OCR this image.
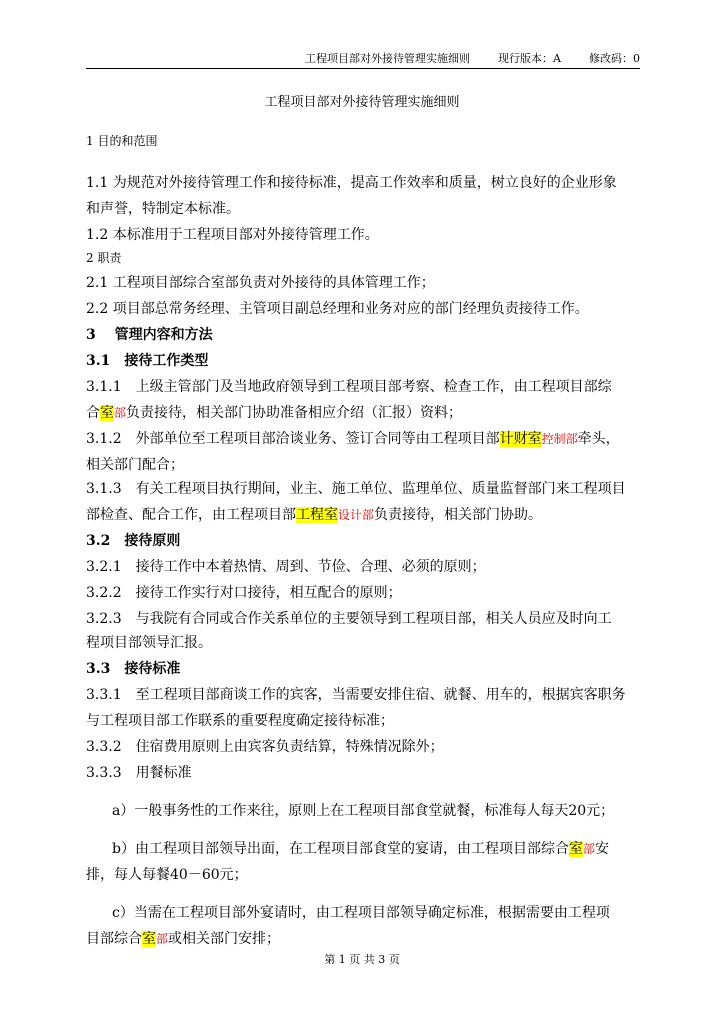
工程项目部对外接待管理实施细则	现行版本：A	修改码：0
工程项目部对外接待管理实施细则
1 目的和范围
1.1 为规范对外接待管理工作和接待标准，提高工作效率和质量，树立良好的企业形象
和声誉，特制定本标准。
1.2 本标准用于工程项目部对外接待管理工作。
2 职责
2.1 工程项目部综合室部负责对外接待的具体管理工作；
2.2 项目部总常务经理、主管项目副总经理和业务对应的部门经理负责接待工作。
3　 管理内容和方法
3.1　接待工作类型
3.1.1　上级主管部门及当地政府领导到工程项目部考察、检查工作，由工程项目部综
合室部负责接待，相关部门协助准备相应介绍（汇报）资料；
3.1.2　外部单位至工程项目部洽谈业务、签订合同等由工程项目部计财室控制部牵头，
相关部门配合；
3.1.3　有关工程项目执行期间，业主、施工单位、监理单位、质量监督部门来工程项目
部检查、配合工作，由工程项目部工程室设计部负责接待，相关部门协助。
3.2　接待原则
3.2.1　接待工作中本着热情、周到、节俭、合理、必须的原则；
3.2.2　接待工作实行对口接待，相互配合的原则；
3.2.3　与我院有合同或合作关系单位的主要领导到工程项目部，相关人员应及时向工
程项目部领导汇报。
3.3　接待标准
3.3.1　至工程项目部商谈工作的宾客，当需要安排住宿、就餐、用车的，根据宾客职务
与工程项目部工作联系的重要程度确定接待标准；
3.3.2　住宿费用原则上由宾客负责结算，特殊情况除外；
3.3.3　用餐标准
a）一般事务性的工作来往，原则上在工程项目部食堂就餐，标准每人每天20元；
b）由工程项目部领导出面，在工程项目部食堂的宴请，由工程项目部综合室部安
排，每人每餐40－60元；
c）当需在工程项目部外宴请时，由工程项目部领导确定标准，根据需要由工程项
目部综合室部或相关部门安排；
第 1 页 共 3 页
